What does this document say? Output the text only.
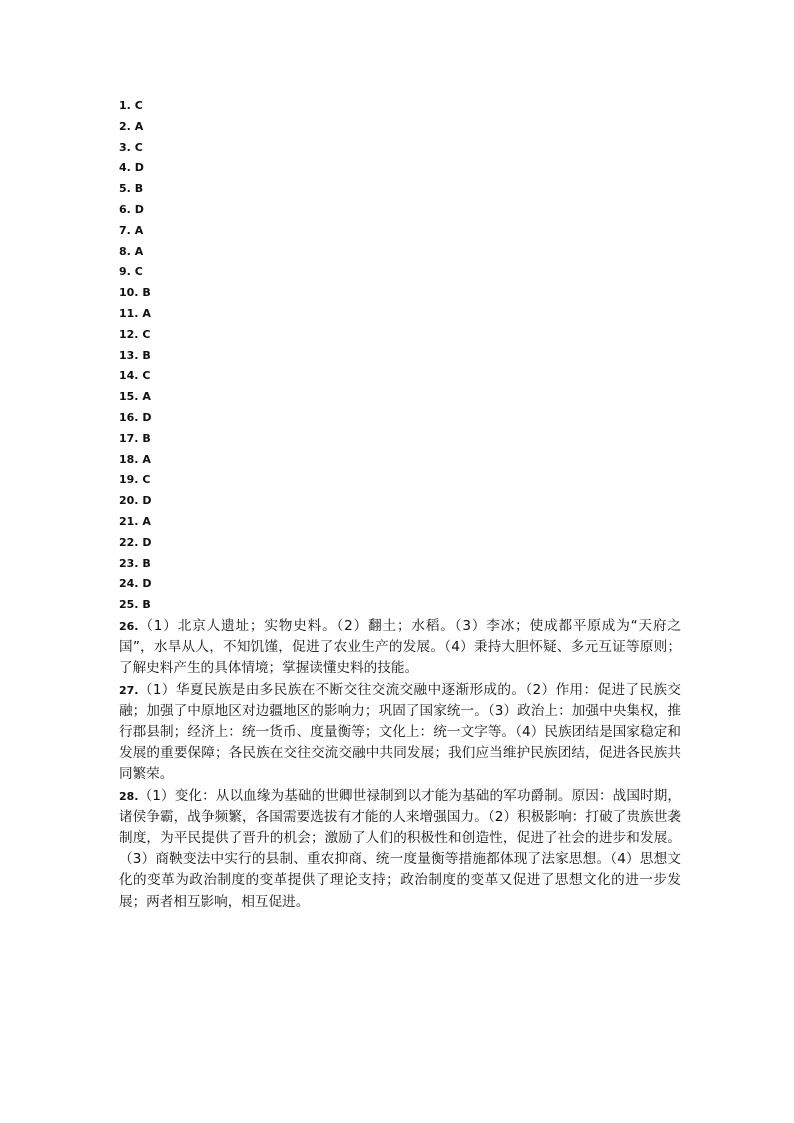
1. C
2. A
3. C
4. D
5. B
6. D
7. A
8. A
9. C
10. B
11. A
12. C
13. B
14. C
15. A
16. D
17. B
18. A
19. C
20. D
21. A
22. D
23. B
24. D
25. B
26.（1）北京人遗址；实物史料。（2）翻土；水稻。（3）李冰；使成都平原成为“天府之国”，水旱从人，不知饥馑，促进了农业生产的发展。（4）秉持大胆怀疑、多元互证等原则；了解史料产生的具体情境；掌握读懂史料的技能。
27.（1）华夏民族是由多民族在不断交往交流交融中逐渐形成的。（2）作用：促进了民族交融；加强了中原地区对边疆地区的影响力；巩固了国家统一。（3）政治上：加强中央集权，推行郡县制；经济上：统一货币、度量衡等；文化上：统一文字等。（4）民族团结是国家稳定和发展的重要保障；各民族在交往交流交融中共同发展；我们应当维护民族团结，促进各民族共同繁荣。
28.（1）变化：从以血缘为基础的世卿世禄制到以才能为基础的军功爵制。原因：战国时期，诸侯争霸，战争频繁，各国需要选拔有才能的人来增强国力。（2）积极影响：打破了贵族世袭制度，为平民提供了晋升的机会；激励了人们的积极性和创造性，促进了社会的进步和发展。（3）商鞅变法中实行的县制、重农抑商、统一度量衡等措施都体现了法家思想。（4）思想文化的变革为政治制度的变革提供了理论支持；政治制度的变革又促进了思想文化的进一步发展；两者相互影响，相互促进。
